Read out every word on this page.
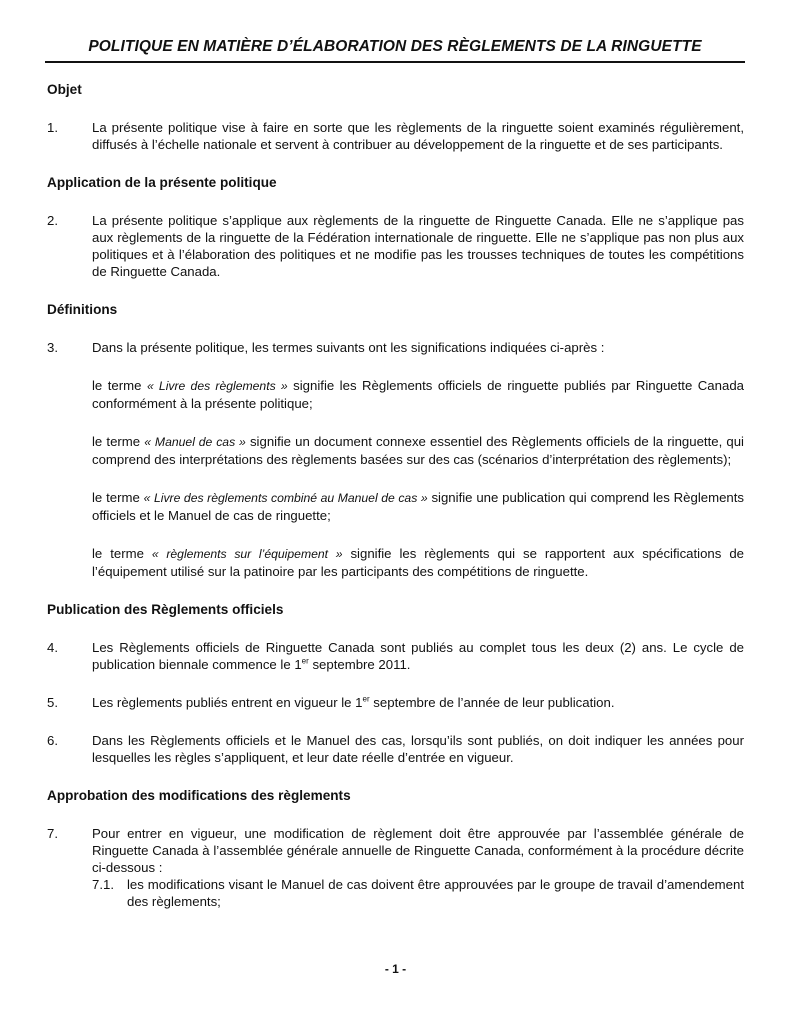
POLITIQUE EN MATIÈRE D’ÉLABORATION DES RÈGLEMENTS DE LA RINGUETTE
Objet
1.	La présente politique vise à faire en sorte que les règlements de la ringuette soient examinés régulièrement, diffusés à l’échelle nationale et servent à contribuer au développement de la ringuette et de ses participants.
Application de la présente politique
2.	La présente politique s’applique aux règlements de la ringuette de Ringuette Canada. Elle ne s’applique pas aux règlements de la ringuette de la Fédération internationale de ringuette. Elle ne s’applique pas non plus aux politiques et à l’élaboration des politiques et ne modifie pas les trousses techniques de toutes les compétitions de Ringuette Canada.
Définitions
3.	Dans la présente politique, les termes suivants ont les significations indiquées ci-après :
le terme « Livre des règlements » signifie les Règlements officiels de ringuette publiés par Ringuette Canada conformément à la présente politique;
le terme « Manuel de cas » signifie un document connexe essentiel des Règlements officiels de la ringuette, qui comprend des interprétations des règlements basées sur des cas (scénarios d’interprétation des règlements);
le terme « Livre des règlements combiné au Manuel de cas » signifie une publication qui comprend les Règlements officiels et le Manuel de cas de ringuette;
le terme « règlements sur l’équipement » signifie les règlements qui se rapportent aux spécifications de l’équipement utilisé sur la patinoire par les participants des compétitions de ringuette.
Publication des Règlements officiels
4.	Les Règlements officiels de Ringuette Canada sont publiés au complet tous les deux (2) ans. Le cycle de publication biennale commence le 1er septembre 2011.
5.	Les règlements publiés entrent en vigueur le 1er septembre de l’année de leur publication.
6.	Dans les Règlements officiels et le Manuel des cas, lorsqu’ils sont publiés, on doit indiquer les années pour lesquelles les règles s’appliquent, et leur date réelle d’entrée en vigueur.
Approbation des modifications des règlements
7.	Pour entrer en vigueur, une modification de règlement doit être approuvée par l’assemblée générale de Ringuette Canada à l’assemblée générale annuelle de Ringuette Canada, conformément à la procédure décrite ci-dessous :
7.1. les modifications visant le Manuel de cas doivent être approuvées par le groupe de travail d’amendement des règlements;
- 1 -
